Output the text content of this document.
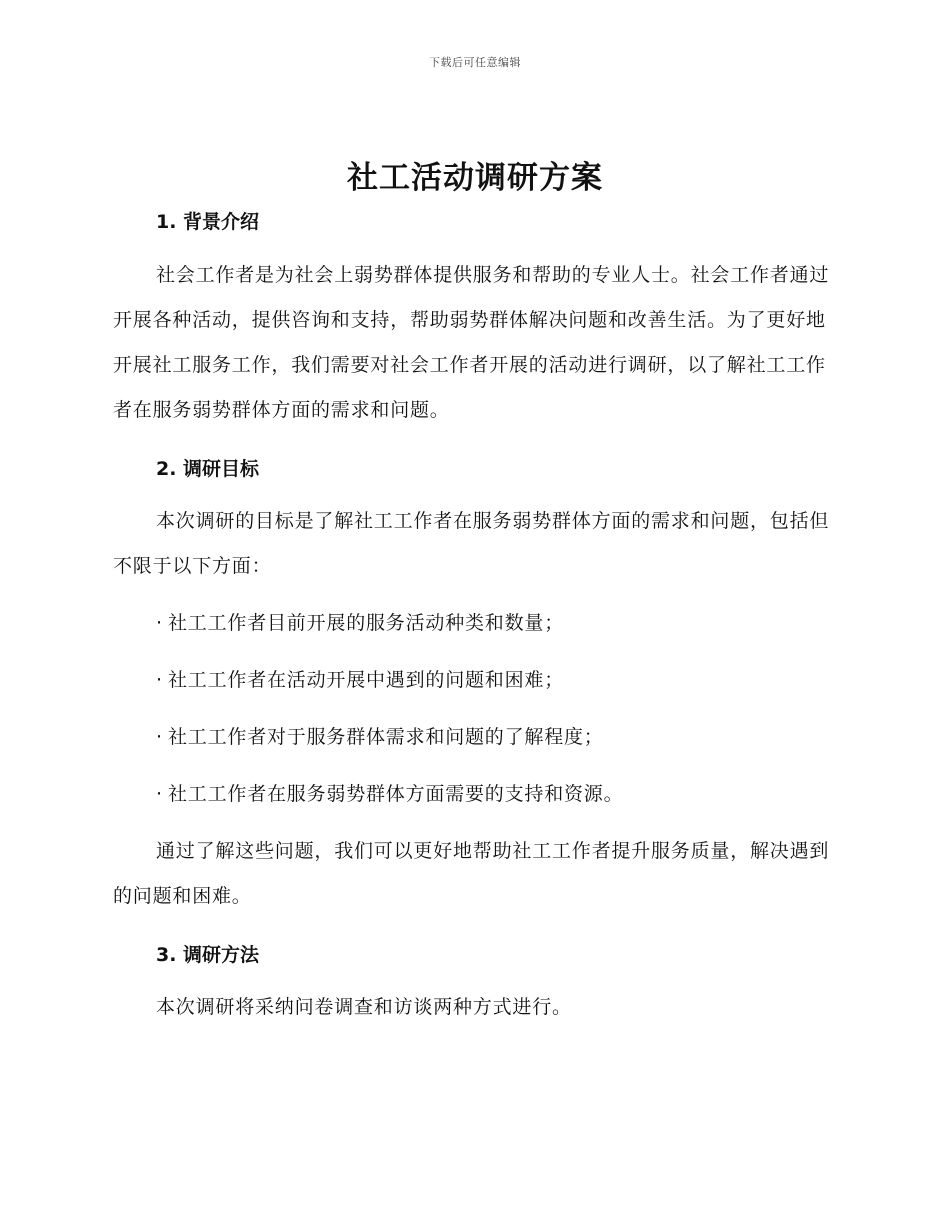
下载后可任意编辑
社工活动调研方案
1. 背景介绍

社会工作者是为社会上弱势群体提供服务和帮助的专业人士。社会工作者通过开展各种活动，提供咨询和支持，帮助弱势群体解决问题和改善生活。为了更好地开展社工服务工作，我们需要对社会工作者开展的活动进行调研，以了解社工工作者在服务弱势群体方面的需求和问题。

2. 调研目标

本次调研的目标是了解社工工作者在服务弱势群体方面的需求和问题，包括但不限于以下方面：

· 社工工作者目前开展的服务活动种类和数量；
· 社工工作者在活动开展中遇到的问题和困难；
· 社工工作者对于服务群体需求和问题的了解程度；
· 社工工作者在服务弱势群体方面需要的支持和资源。

通过了解这些问题，我们可以更好地帮助社工工作者提升服务质量，解决遇到的问题和困难。

3. 调研方法

本次调研将采纳问卷调查和访谈两种方式进行。
